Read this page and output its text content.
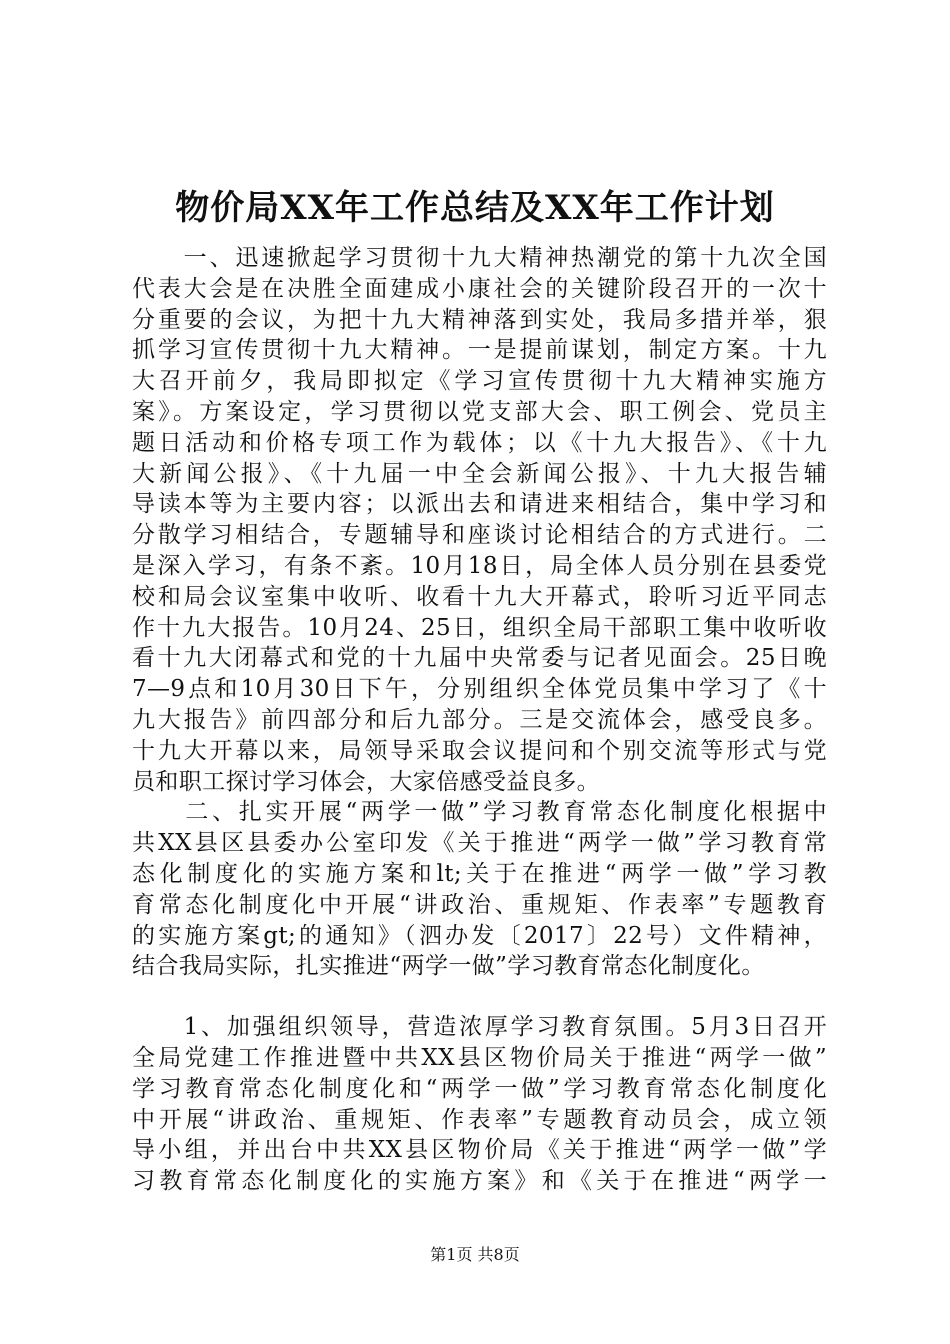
物价局XX年工作总结及XX年工作计划
　　一、迅速掀起学习贯彻十九大精神热潮党的第十九次全国
代表大会是在决胜全面建成小康社会的关键阶段召开的一次十
分重要的会议，为把十九大精神落到实处，我局多措并举，狠
抓学习宣传贯彻十九大精神。一是提前谋划，制定方案。十九
大召开前夕，我局即拟定《学习宣传贯彻十九大精神实施方
案》。方案设定，学习贯彻以党支部大会、职工例会、党员主
题日活动和价格专项工作为载体；以《十九大报告》、《十九
大新闻公报》、《十九届一中全会新闻公报》、十九大报告辅
导读本等为主要内容；以派出去和请进来相结合，集中学习和
分散学习相结合，专题辅导和座谈讨论相结合的方式进行。二
是深入学习，有条不紊。10月18日，局全体人员分别在县委党
校和局会议室集中收听、收看十九大开幕式，聆听习近平同志
作十九大报告。10月24、25日，组织全局干部职工集中收听收
看十九大闭幕式和党的十九届中央常委与记者见面会。25日晚
7—9点和10月30日下午，分别组织全体党员集中学习了《十
九大报告》前四部分和后九部分。三是交流体会，感受良多。
十九大开幕以来，局领导采取会议提问和个别交流等形式与党
员和职工探讨学习体会，大家倍感受益良多。
　　二、扎实开展“两学一做”学习教育常态化制度化根据中
共XX县区县委办公室印发《关于推进“两学一做”学习教育常
态化制度化的实施方案和lt;关于在推进“两学一做”学习教
育常态化制度化中开展“讲政治、重规矩、作表率”专题教育
的实施方案gt;的通知》（泗办发〔2017〕22号）文件精神，
结合我局实际，扎实推进“两学一做”学习教育常态化制度化。
　　1、加强组织领导，营造浓厚学习教育氛围。5月3日召开
全局党建工作推进暨中共XX县区物价局关于推进“两学一做”
学习教育常态化制度化和“两学一做”学习教育常态化制度化
中开展“讲政治、重规矩、作表率”专题教育动员会，成立领
导小组，并出台中共XX县区物价局《关于推进“两学一做”学
习教育常态化制度化的实施方案》和《关于在推进“两学一
第1页 共8页
